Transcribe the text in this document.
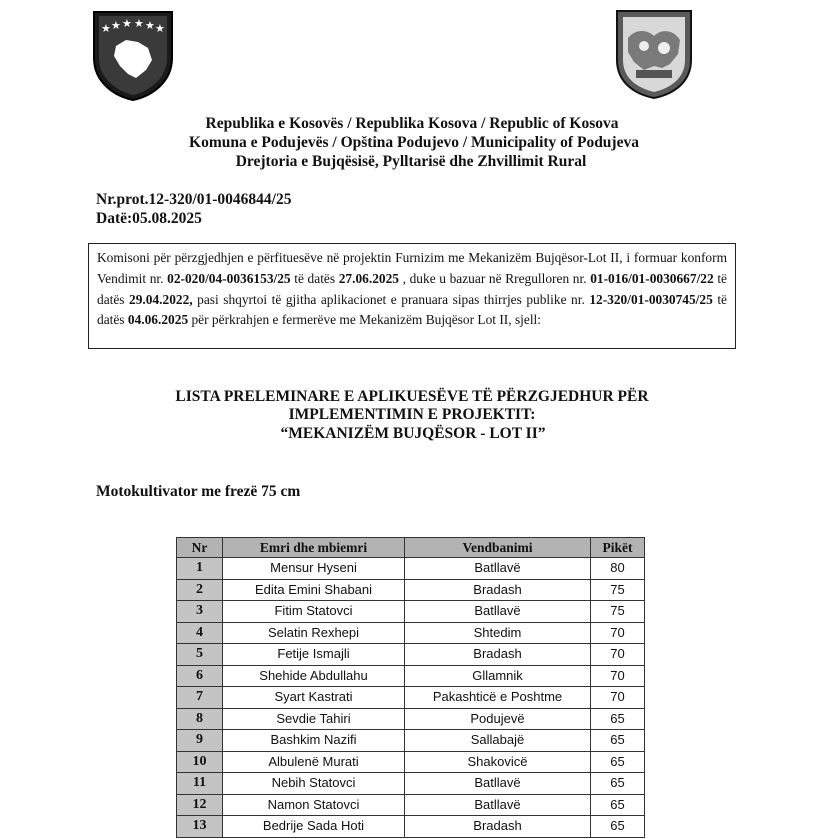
★ ★ ★ ★ ★ ★
Republika e Kosovës / Republika Kosova / Republic of Kosova
Komuna e Podujevës / Opština Podujevo / Municipality of Podujeva
Drejtoria e Bujqësisë, Pylltarisë dhe Zhvillimit Rural
Nr.prot.12-320/01-0046844/25
Datë:05.08.2025
Komisoni për përzgjedhjen e përfituesëve në projektin Furnizim me Mekanizëm Bujqësor-Lot II, i formuar konform Vendimit nr. 02-020/04-0036153/25 të datës 27.06.2025 , duke u bazuar në Rregulloren nr. 01-016/01-0030667/22 të datës 29.04.2022, pasi shqyrtoi të gjitha aplikacionet e pranuara sipas thirrjes publike nr. 12-320/01-0030745/25 të datës 04.06.2025 për përkrahjen e fermerëve me Mekanizëm Bujqësor Lot II, sjell:
LISTA PRELEMINARE E APLIKUESËVE TË PËRZGJEDHUR PËR
IMPLEMENTIMIN E PROJEKTIT:
“MEKANIZËM BUJQËSOR - LOT II”
Motokultivator me frezë 75 cm
Nr	Emri dhe mbiemri	Vendbanimi	Pikët
1	Mensur Hyseni	Batllavë	80
2	Edita Emini Shabani	Bradash	75
3	Fitim Statovci	Batllavë	75
4	Selatin Rexhepi	Shtedim	70
5	Fetije Ismajli	Bradash	70
6	Shehide Abdullahu	Gllamnik	70
7	Syart Kastrati	Pakashticë e Poshtme	70
8	Sevdie Tahiri	Podujevë	65
9	Bashkim Nazifi	Sallabajë	65
10	Albulenë Murati	Shakovicë	65
11	Nebih Statovci	Batllavë	65
12	Namon Statovci	Batllavë	65
13	Bedrije Sada Hoti	Bradash	65
